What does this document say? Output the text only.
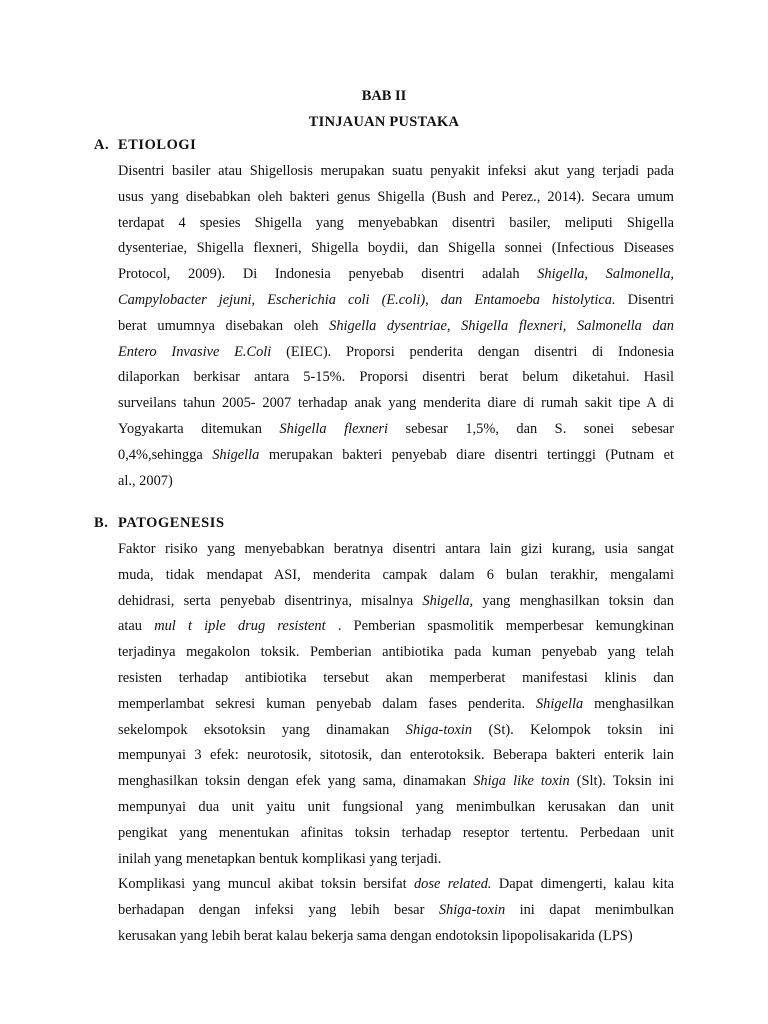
BAB II
TINJAUAN PUSTAKA
A. ETIOLOGI
Disentri basiler atau Shigellosis merupakan suatu penyakit infeksi akut yang terjadi pada
usus yang disebabkan oleh bakteri genus Shigella (Bush and Perez., 2014). Secara umum
terdapat 4 spesies Shigella yang menyebabkan disentri basiler, meliputi Shigella
dysenteriae, Shigella flexneri, Shigella boydii, dan Shigella sonnei (Infectious Diseases
Protocol, 2009). Di Indonesia penyebab disentri adalah Shigella, Salmonella,
Campylobacter jejuni, Escherichia coli (E.coli), dan Entamoeba histolytica. Disentri
berat umumnya disebakan oleh Shigella dysentriae, Shigella flexneri, Salmonella dan
Entero Invasive E.Coli (EIEC). Proporsi penderita dengan disentri di Indonesia
dilaporkan berkisar antara 5-15%. Proporsi disentri berat belum diketahui. Hasil
surveilans tahun 2005- 2007 terhadap anak yang menderita diare di rumah sakit tipe A di
Yogyakarta ditemukan Shigella flexneri sebesar 1,5%, dan S. sonei sebesar
0,4%,sehingga Shigella merupakan bakteri penyebab diare disentri tertinggi (Putnam et
al., 2007)
B. PATOGENESIS
Faktor risiko yang menyebabkan beratnya disentri antara lain gizi kurang, usia sangat
muda, tidak mendapat ASI, menderita campak dalam 6 bulan terakhir, mengalami
dehidrasi, serta penyebab disentrinya, misalnya Shigella, yang menghasilkan toksin dan
atau mul t iple drug resistent . Pemberian spasmolitik memperbesar kemungkinan
terjadinya megakolon toksik. Pemberian antibiotika pada kuman penyebab yang telah
resisten terhadap antibiotika tersebut akan memperberat manifestasi klinis dan
memperlambat sekresi kuman penyebab dalam fases penderita. Shigella menghasilkan
sekelompok eksotoksin yang dinamakan Shiga-toxin (St). Kelompok toksin ini
mempunyai 3 efek: neurotosik, sitotosik, dan enterotoksik. Beberapa bakteri enterik lain
menghasilkan toksin dengan efek yang sama, dinamakan Shiga like toxin (Slt). Toksin ini
mempunyai dua unit yaitu unit fungsional yang menimbulkan kerusakan dan unit
pengikat yang menentukan afinitas toksin terhadap reseptor tertentu. Perbedaan unit
inilah yang menetapkan bentuk komplikasi yang terjadi.
Komplikasi yang muncul akibat toksin bersifat dose related. Dapat dimengerti, kalau kita
berhadapan dengan infeksi yang lebih besar Shiga-toxin ini dapat menimbulkan
kerusakan yang lebih berat kalau bekerja sama dengan endotoksin lipopolisakarida (LPS)
